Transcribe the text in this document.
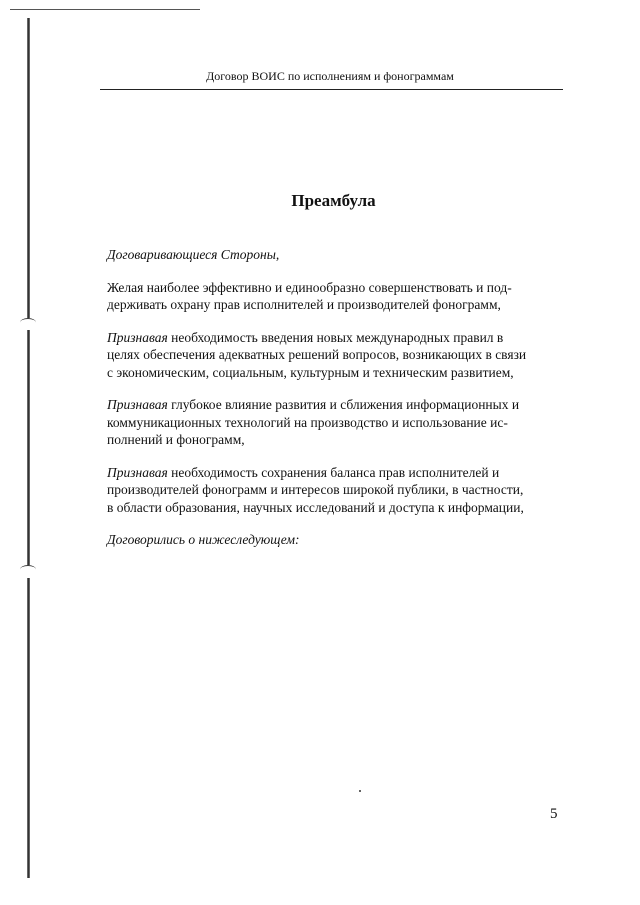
Договор ВОИС по исполнениям и фонограммам
Преамбула

Договаривающиеся Стороны,

Желая наиболее эффективно и единообразно совершенствовать и под-
держивать охрану прав исполнителей и производителей фонограмм,

Признавая необходимость введения новых международных правил в
целях обеспечения адекватных решений вопросов, возникающих в связи
с экономическим, социальным, культурным и техническим развитием,

Признавая глубокое влияние развития и сближения информационных и
коммуникационных технологий на производство и использование ис-
полнений и фонограмм,

Признавая необходимость сохранения баланса прав исполнителей и
производителей фонограмм и интересов широкой публики, в частности,
в области образования, научных исследований и доступа к информации,

Договорились о нижеследующем:

5
